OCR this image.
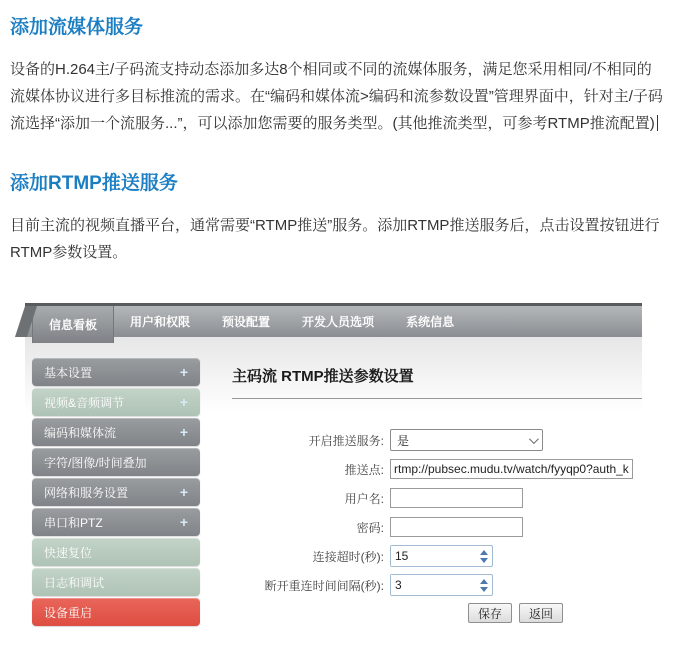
添加流媒体服务

设备的H.264主/子码流支持动态添加多达8个相同或不同的流媒体服务，满足您采用相同/不相同的流媒体协议进行多目标推流的需求。在“编码和媒体流>编码和流参数设置”管理界面中，针对主/子码流选择“添加一个流服务...”，可以添加您需要的服务类型。(其他推流类型，可参考RTMP推流配置)

添加RTMP推送服务

目前主流的视频直播平台，通常需要“RTMP推送”服务。添加RTMP推送服务后，点击设置按钮进行RTMP参数设置。

信息看板	用户和权限	预设配置	开发人员选项	系统信息
基本设置	+
视频&音频调节	+
编码和媒体流	+
字符/图像/时间叠加
网络和服务设置	+
串口和PTZ	+
快速复位
日志和调试
设备重启
主码流 RTMP推送参数设置
开启推送服务:	是
推送点:
rtmp://pubsec.mudu.tv/watch/fyyqp0?auth_key
用户名:
密码:
连接超时(秒):
15
断开重连时间间隔(秒):
3
保存	返回
